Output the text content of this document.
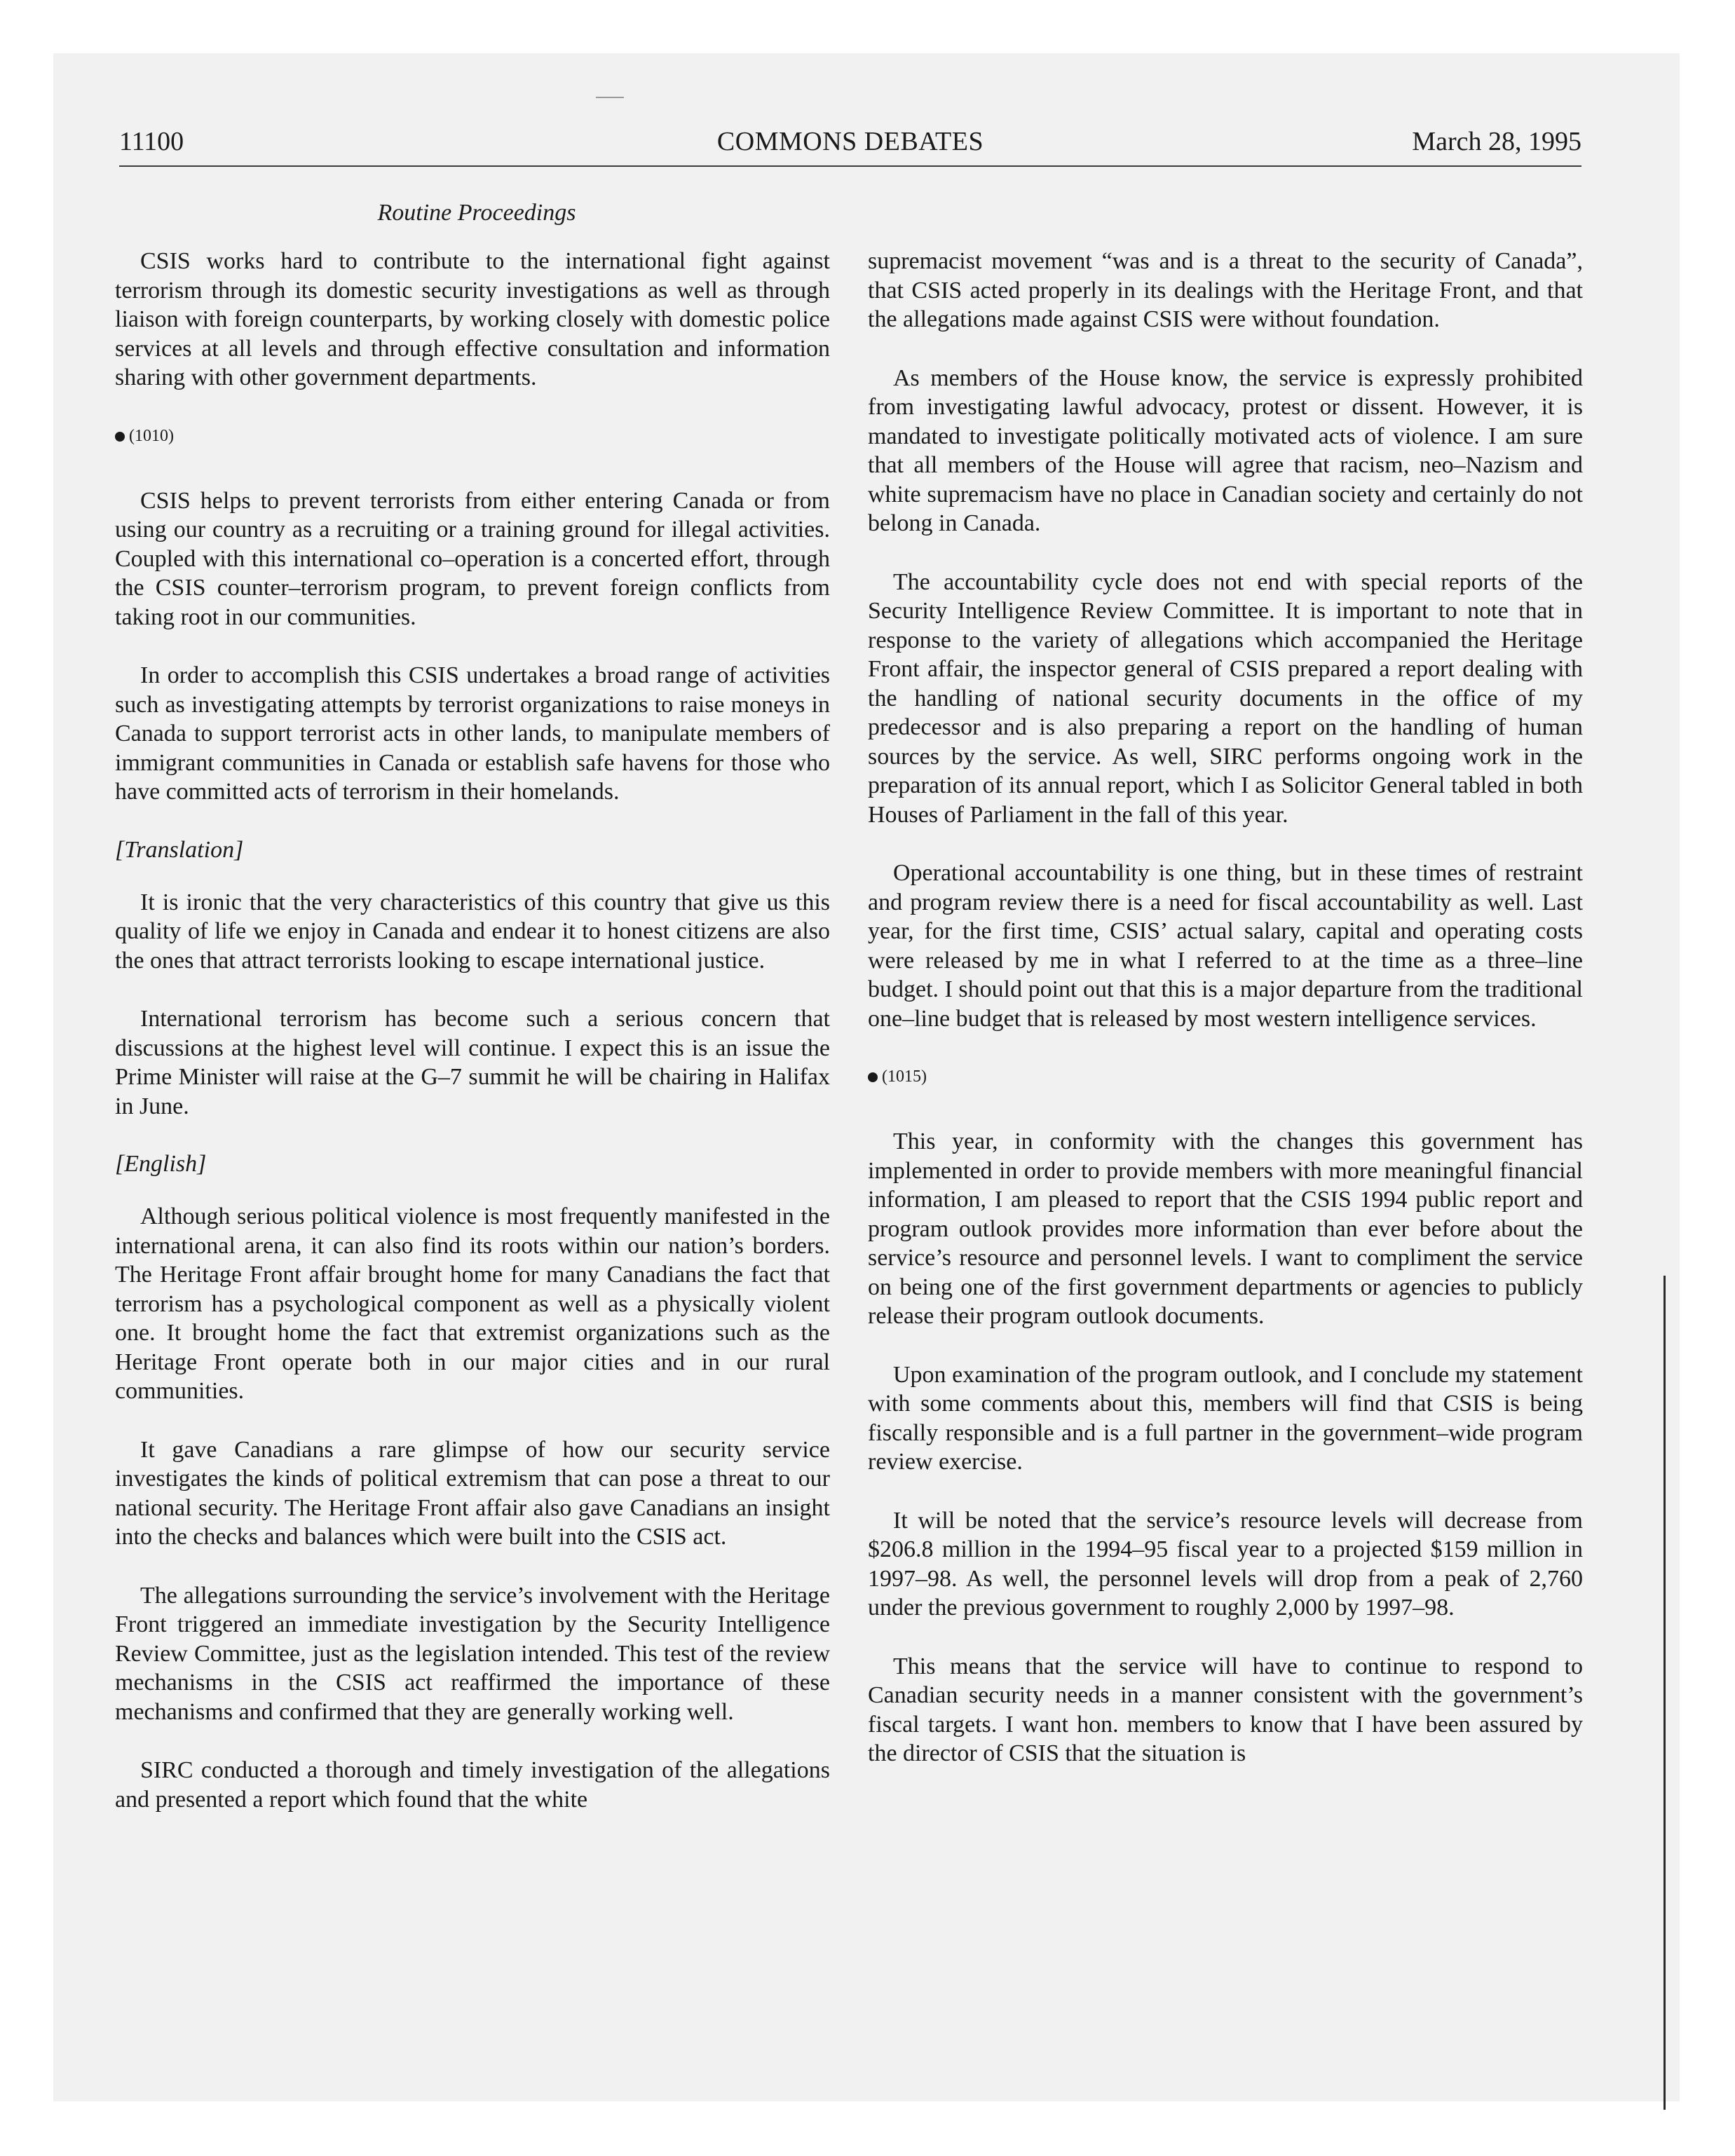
11100	COMMONS DEBATES	March 28, 1995
Routine Proceedings

CSIS works hard to contribute to the international fight against terrorism through its domestic security investigations as well as through liaison with foreign counterparts, by working closely with domestic police services at all levels and through effective consultation and information sharing with other government departments.

(1010)

CSIS helps to prevent terrorists from either entering Canada or from using our country as a recruiting or a training ground for illegal activities. Coupled with this international co–operation is a concerted effort, through the CSIS counter–terrorism program, to prevent foreign conflicts from taking root in our communities.

In order to accomplish this CSIS undertakes a broad range of activities such as investigating attempts by terrorist organizations to raise moneys in Canada to support terrorist acts in other lands, to manipulate members of immigrant communities in Canada or establish safe havens for those who have committed acts of terrorism in their homelands.

[Translation]

It is ironic that the very characteristics of this country that give us this quality of life we enjoy in Canada and endear it to honest citizens are also the ones that attract terrorists looking to escape international justice.

International terrorism has become such a serious concern that discussions at the highest level will continue. I expect this is an issue the Prime Minister will raise at the G–7 summit he will be chairing in Halifax in June.

[English]

Although serious political violence is most frequently manifested in the international arena, it can also find its roots within our nation’s borders. The Heritage Front affair brought home for many Canadians the fact that terrorism has a psychological component as well as a physically violent one. It brought home the fact that extremist organizations such as the Heritage Front operate both in our major cities and in our rural communities.

It gave Canadians a rare glimpse of how our security service investigates the kinds of political extremism that can pose a threat to our national security. The Heritage Front affair also gave Canadians an insight into the checks and balances which were built into the CSIS act.

The allegations surrounding the service’s involvement with the Heritage Front triggered an immediate investigation by the Security Intelligence Review Committee, just as the legislation intended. This test of the review mechanisms in the CSIS act reaffirmed the importance of these mechanisms and confirmed that they are generally working well.

SIRC conducted a thorough and timely investigation of the allegations and presented a report which found that the white

supremacist movement “was and is a threat to the security of Canada”, that CSIS acted properly in its dealings with the Heritage Front, and that the allegations made against CSIS were without foundation.

As members of the House know, the service is expressly prohibited from investigating lawful advocacy, protest or dissent. However, it is mandated to investigate politically motivated acts of violence. I am sure that all members of the House will agree that racism, neo–Nazism and white supremacism have no place in Canadian society and certainly do not belong in Canada.

The accountability cycle does not end with special reports of the Security Intelligence Review Committee. It is important to note that in response to the variety of allegations which accompanied the Heritage Front affair, the inspector general of CSIS prepared a report dealing with the handling of national security documents in the office of my predecessor and is also preparing a report on the handling of human sources by the service. As well, SIRC performs ongoing work in the preparation of its annual report, which I as Solicitor General tabled in both Houses of Parliament in the fall of this year.

Operational accountability is one thing, but in these times of restraint and program review there is a need for fiscal accountability as well. Last year, for the first time, CSIS’ actual salary, capital and operating costs were released by me in what I referred to at the time as a three–line budget. I should point out that this is a major departure from the traditional one–line budget that is released by most western intelligence services.

(1015)

This year, in conformity with the changes this government has implemented in order to provide members with more meaningful financial information, I am pleased to report that the CSIS 1994 public report and program outlook provides more information than ever before about the service’s resource and personnel levels. I want to compliment the service on being one of the first government departments or agencies to publicly release their program outlook documents.

Upon examination of the program outlook, and I conclude my statement with some comments about this, members will find that CSIS is being fiscally responsible and is a full partner in the government–wide program review exercise.

It will be noted that the service’s resource levels will decrease from $206.8 million in the 1994–95 fiscal year to a projected $159 million in 1997–98. As well, the personnel levels will drop from a peak of 2,760 under the previous government to roughly 2,000 by 1997–98.

This means that the service will have to continue to respond to Canadian security needs in a manner consistent with the government’s fiscal targets. I want hon. members to know that I have been assured by the director of CSIS that the situation is
